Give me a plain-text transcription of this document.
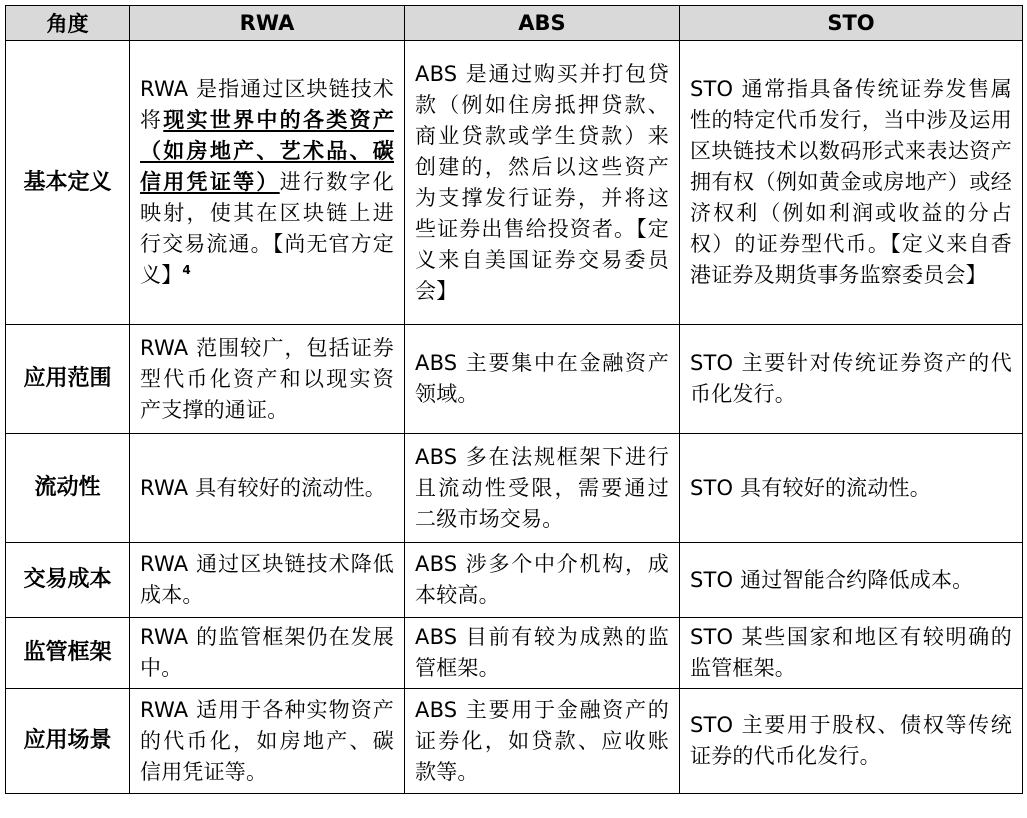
角度	RWA	ABS	STO
基本定义	RWA 是指通过区块链技术将现实世界中的各类资产（如房地产、艺术品、碳信用凭证等）进行数字化映射，使其在区块链上进行交易流通。【尚无官方定义】$^4$	ABS 是通过购买并打包贷款（例如住房抵押贷款、商业贷款或学生贷款）来创建的，然后以这些资产为支撑发行证券，并将这些证券出售给投资者。【定义来自美国证券交易委员会】	STO 通常指具备传统证券发售属性的特定代币发行，当中涉及运用区块链技术以数码形式来表达资产拥有权（例如黄金或房地产）或经济权利（例如利润或收益的分占权）的证券型代币。【定义来自香港证券及期货事务监察委员会】
应用范围	RWA 范围较广，包括证券型代币化资产和以现实资产支撑的通证。	ABS 主要集中在金融资产领域。	STO 主要针对传统证券资产的代币化发行。
流动性	RWA 具有较好的流动性。	ABS 多在法规框架下进行且流动性受限，需要通过二级市场交易。	STO 具有较好的流动性。
交易成本	RWA 通过区块链技术降低成本。	ABS 涉多个中介机构，成本较高。	STO 通过智能合约降低成本。
监管框架	RWA 的监管框架仍在发展中。	ABS 目前有较为成熟的监管框架。	STO 某些国家和地区有较明确的监管框架。
应用场景	RWA 适用于各种实物资产的代币化，如房地产、碳信用凭证等。	ABS 主要用于金融资产的证券化，如贷款、应收账款等。	STO 主要用于股权、债权等传统证券的代币化发行。
